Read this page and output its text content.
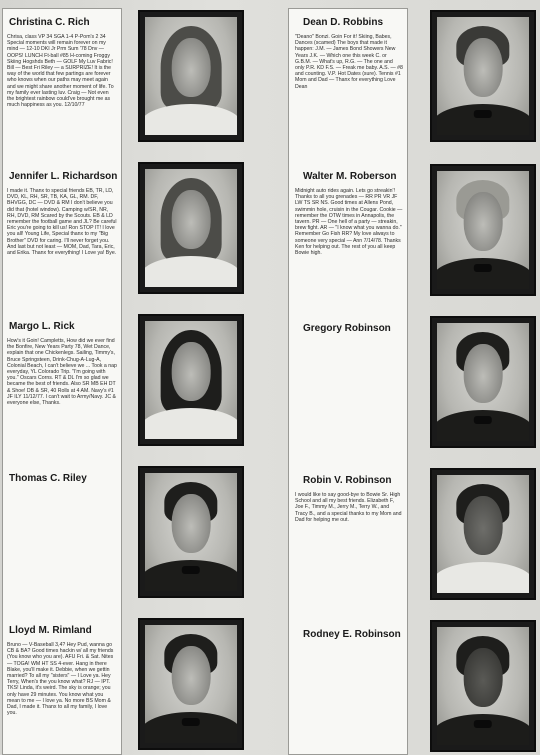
Christina C. Rich
Chrisa, class VP 34 SGA 1-4 P-Pom's 2 34 Special moments will remain forever on my mind — 12-10 DKI Jr Prm Sum '78 Dnv — OOPS! LUNCH Ft-ball #85 H-coming Froggy Skiing Hogshds Beth — GOLF My Luv Fabric! Bill — Best Fri Riley — a SURPRIZE! It is the way of the world that few partings are forever who knows when our paths may meet again and we might share another moment of life. To my family ever lasting luv. Craig — Not even the brightest rainbow could've brought me as much happiness as you. 12/10/77
Jennifer L. Richardson
I made it. Thanx to special friends EB, TR, LD, DVD, KL, RH, SR, TB, KA, GL, RM. DF, BHVGG, DC — DVD & RM I don't believe you did that (hotel window). Camping w/SR, NR, RH, DVD, RM Scared by the Scouts. EB & LD remember the football game and JL? Be careful Eric you're going to kill us! Ron STOP IT! I love you all! Young Life, Special thanx to my "Big Brother" DVD for caring. I'll never forget you. And last but not least — MOM, Dad, Tara, Eric, and Erika. Thanx for everything! I Love ya! Bye.
Margo L. Rick
How's it Goin! Campletts, How did we ever find the Bonfire, New Years Party 78, Wet Dance, explain that one Chickenlegs. Sailing, Timmy's, Bruce Springsteen, Drink-Chug-A-Lug-A, Colonial Beach, I can't believe we ... Took a nap everyday, YL Colorado Trip. "I'm going with you." Oscars Corns. RT & DL I'm so glad we became the best of friends. Also SR MB EH DT & Shoe! DB & SR, 40 Rolls at 4 AM. Navy's #1 JF ILY 11/12/77. I can't wait to Army/Navy. JC & everyone else, Thanks.
Thomas C. Riley
Lloyd M. Rimland
Bruno — V-Baseball 3,4? Hey Pud, wanna go CB & BA? Good times hackin w/ all my friends (You know who you are). AFU Fri. & Sat. Nites — TOGA! WM HT SS 4-ever. Hang in there Blake, you'll make it. Debbie, when we gettin married? To all my "sisters" — I Love ya. Hey Terry, When's the you know what? RJ — IPT. TKS! Linda, it's weird. The sky is orange; you only have 29 minutes. You know what you mean to me — I love ya. No more BS Mom & Dad, I made it. Thanx to all my family, I love you.
Dean D. Robbins
"Deano" Bonzi. Goin For it! Skiing, Babes, Dances (scamed) The boys that made it happen: J.M. — James Bond Showers New Years J.K. — Which one this week C. or G.B.M. — What's up, R.G. — The one and only P.R. KD F.S. — Freak me baby. A.S. — #8 and counting. V.P. Hot Dates (sure). Tennis #1 Mom and Dad — Thanx for everything Love Dean
Walter M. Roberson
Midnight auto rides again. Lets go streakin'! Thanks to all you grenades — RR PR VR JF LW TS SR NS. Good times at Allens Pond, swimmin hole, cruisin in the Cougar. Cookie — remember the OTW times in Annapolis, the tavern. PR — One hell of a party — streakin, brew fight. AR — "I know what you wanna do." Remember Go Fish RR? My love always to someone very special — Ann 7/14/78. Thanks Ken for helping out. The rest of you all keep Bowie high.
Gregory Robinson
Robin V. Robinson
I would like to say good-bye to Bowie Sr. High School and all my best friends. Elizabeth F, Joe F., Timmy M., Jerry M., Terry W., and Tracy B., and a special thanks to my Mom and Dad for helping me out.
Rodney E. Robinson
